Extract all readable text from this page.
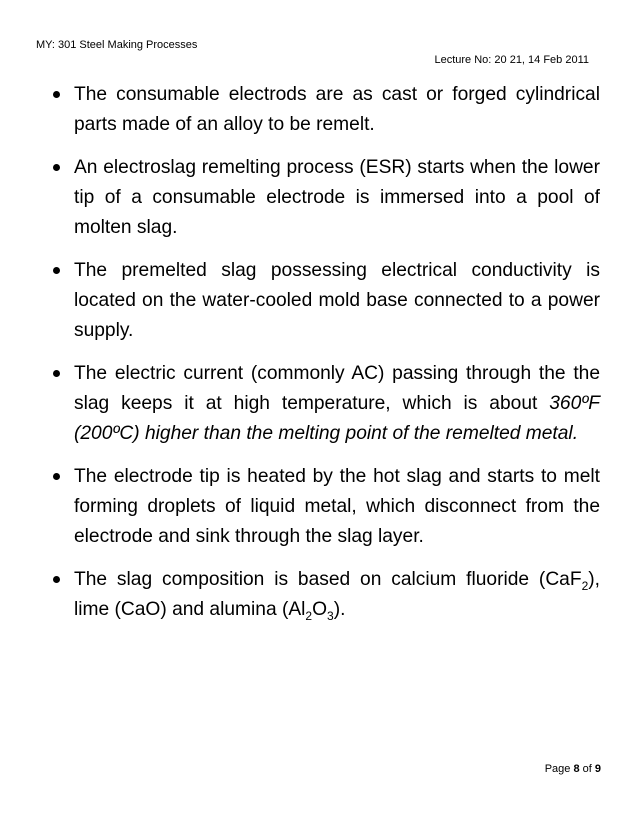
MY: 301 Steel Making Processes
Lecture No: 20 21, 14 Feb 2011
The consumable electrods are as cast or forged cylindrical parts made of an alloy to be remelt.
An electroslag remelting process (ESR) starts when the lower tip of a consumable electrode is immersed into a pool of molten slag.
The premelted slag possessing electrical conductivity is located on the water-cooled mold base connected to a power supply.
The electric current (commonly AC) passing through the the slag keeps it at high temperature, which is about 360ºF (200ºC) higher than the melting point of the remelted metal.
The electrode tip is heated by the hot slag and starts to melt forming droplets of liquid metal, which disconnect from the electrode and sink through the slag layer.
The slag composition is based on calcium fluoride (CaF$_2$), lime (CaO) and alumina $(Al_2O_3)$.
Page 8 of 9
